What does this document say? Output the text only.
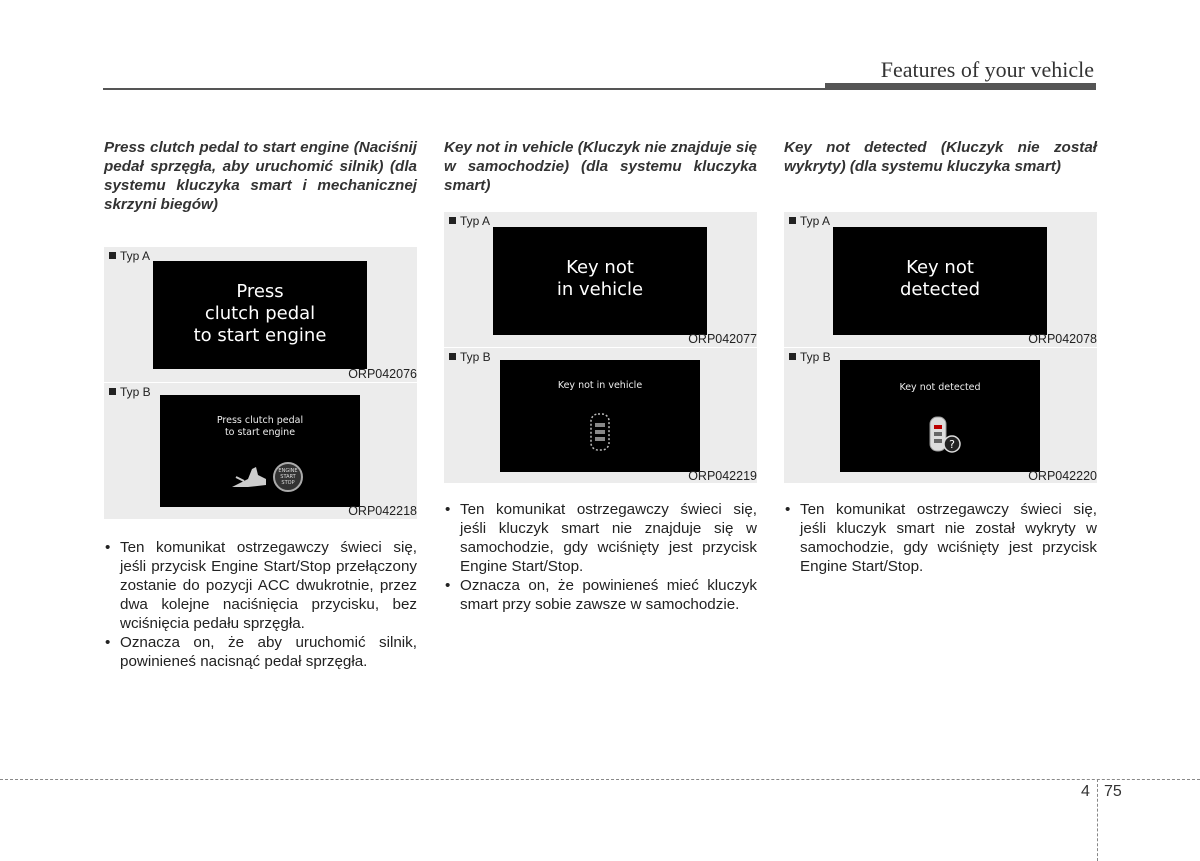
Features of your vehicle

Press clutch pedal to start engine (Naciśnij pedał sprzęgła, aby uruchomić silnik) (dla systemu kluczyka smart i mechanicznej skrzyni biegów)

Typ A
Press
clutch pedal
to start engine
ORP042076
Typ B
Press clutch pedal
to start engine
ENGINE
START
STOP
ORP042218
• Ten komunikat ostrzegawczy świeci się, jeśli przycisk Engine Start/Stop przełączony zostanie do pozycji ACC dwukrotnie, przez dwa kolejne naciśnięcia przycisku, bez wciśnięcia pedału sprzęgła.
• Oznacza on, że aby uruchomić silnik, powinieneś nacisnąć pedał sprzęgła.

Key not in vehicle (Kluczyk nie znajduje się w samochodzie) (dla systemu kluczyka smart)

Typ A
Key not
in vehicle
ORP042077
Typ B
Key not in vehicle
ORP042219
• Ten komunikat ostrzegawczy świeci się, jeśli kluczyk smart nie znajduje się w samochodzie, gdy wciśnięty jest przycisk Engine Start/Stop.
• Oznacza on, że powinieneś mieć kluczyk smart przy sobie zawsze w samochodzie.

Key not detected (Kluczyk nie został wykryty) (dla systemu kluczyka smart)

Typ A
Key not
detected
ORP042078
Typ B
Key not detected
?
ORP042220
• Ten komunikat ostrzegawczy świeci się, jeśli kluczyk smart nie został wykryty w samochodzie, gdy wciśnięty jest przycisk Engine Start/Stop.
4 75
